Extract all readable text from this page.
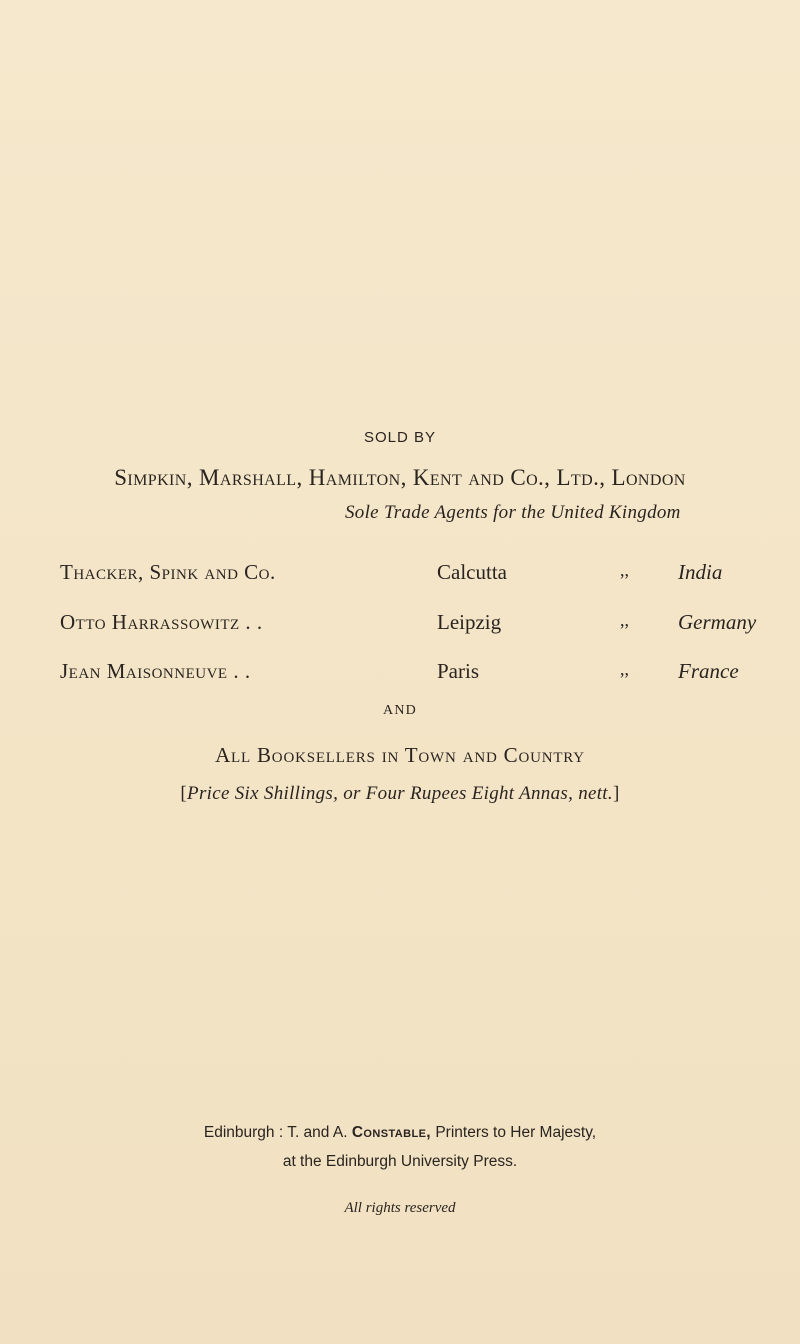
SOLD BY
Simpkin, Marshall, Hamilton, Kent and Co., Ltd., London
Sole Trade Agents for the United Kingdom
Thacker, Spink and Co.	Calcutta	,, India
Otto Harrassowitz . .	Leipzig	,, Germany
Jean Maisonneuve . .	Paris	,, France
AND
All Booksellers in Town and Country
[Price Six Shillings, or Four Rupees Eight Annas, nett.]
Edinburgh : T. and A. Constable, Printers to Her Majesty,
at the Edinburgh University Press.
All rights reserved
